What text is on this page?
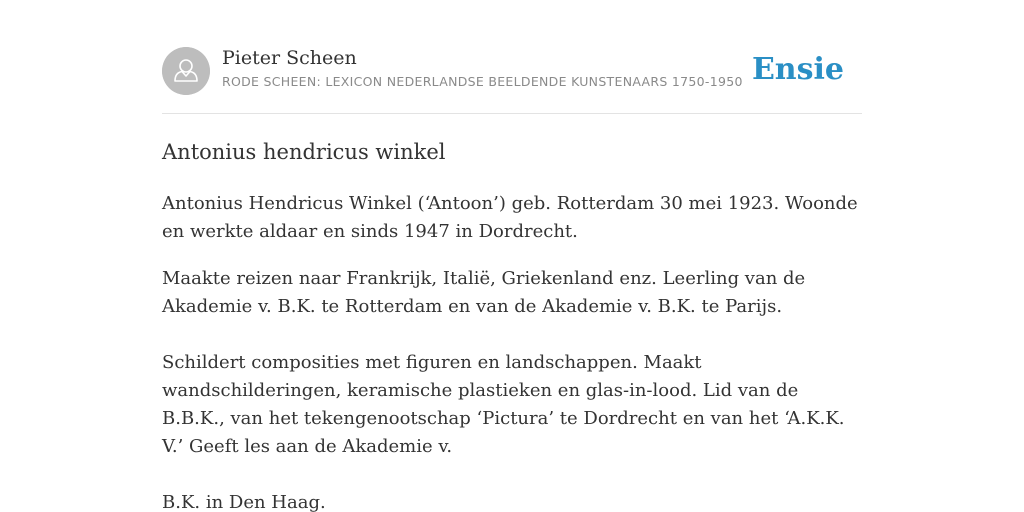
Pieter Scheen
RODE SCHEEN: LEXICON NEDERLANDSE BEELDENDE KUNSTENAARS 1750-1950 Ensie
Antonius hendricus winkel

Antonius Hendricus Winkel (‘Antoon’) geb. Rotterdam 30 mei 1923. Woonde en werkte aldaar en sinds 1947 in Dordrecht.

Maakte reizen naar Frankrijk, Italië, Griekenland enz. Leerling van de Akademie v. B.K. te Rotterdam en van de Akademie v. B.K. te Parijs.

Schildert composities met figuren en landschappen. Maakt wandschilderingen, keramische plastieken en glas-in-lood. Lid van de B.B.K., van het tekengenootschap ‘Pictura’ te Dordrecht en van het ‘A.K.K. V.’ Geeft les aan de Akademie v.

B.K. in Den Haag.
